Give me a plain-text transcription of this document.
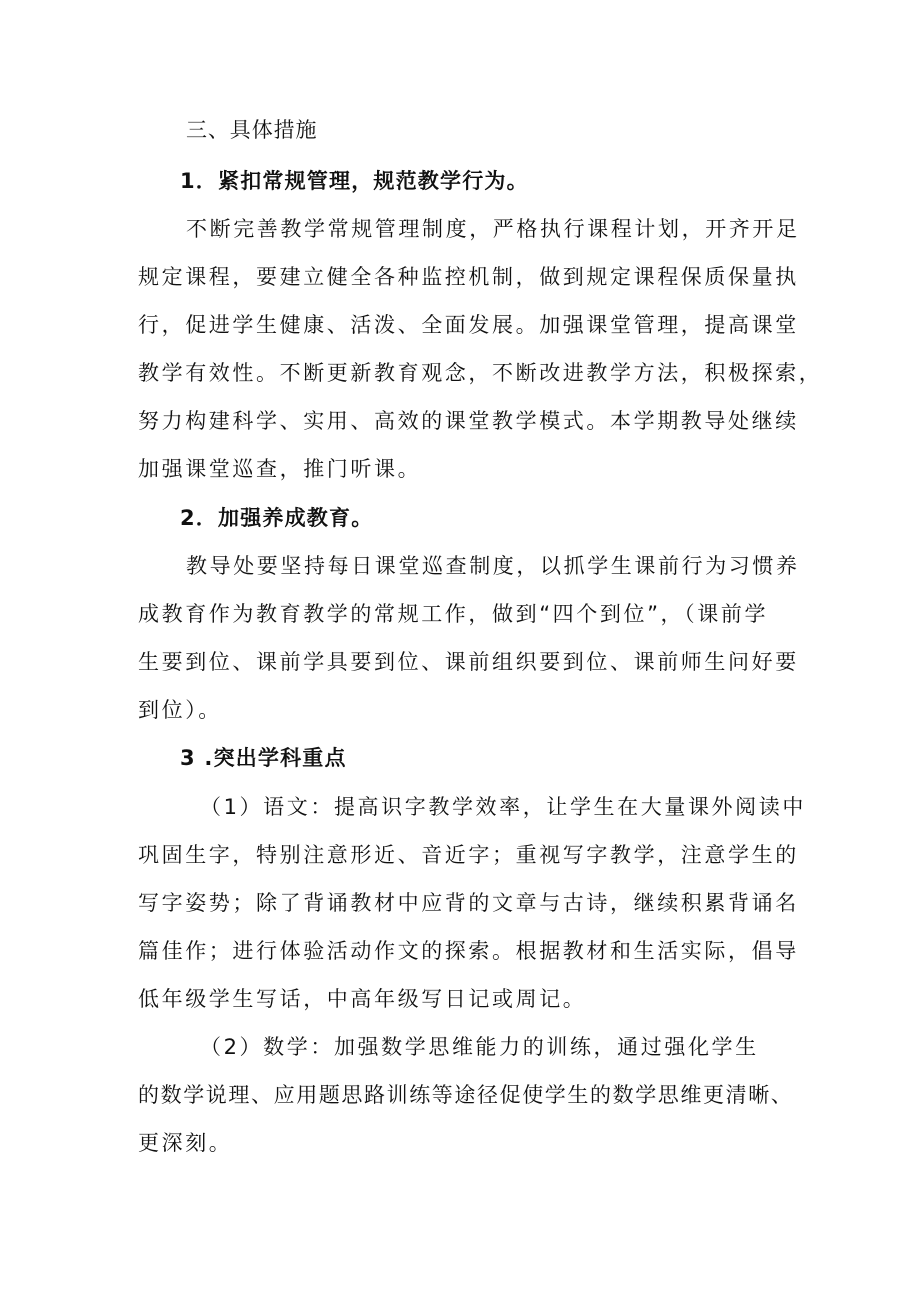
三、具体措施
1．紧扣常规管理，规范教学行为。
不断完善教学常规管理制度，严格执行课程计划，开齐开足
规定课程，要建立健全各种监控机制，做到规定课程保质保量执
行，促进学生健康、活泼、全面发展。加强课堂管理，提高课堂
教学有效性。不断更新教育观念，不断改进教学方法，积极探索，
努力构建科学、实用、高效的课堂教学模式。本学期教导处继续
加强课堂巡查，推门听课。
2．加强养成教育。
教导处要坚持每日课堂巡查制度，以抓学生课前行为习惯养
成教育作为教育教学的常规工作，做到“四个到位”，（课前学
生要到位、课前学具要到位、课前组织要到位、课前师生问好要
到位）。
3 .突出学科重点
（1）语文：提高识字教学效率，让学生在大量课外阅读中
巩固生字，特别注意形近、音近字；重视写字教学，注意学生的
写字姿势；除了背诵教材中应背的文章与古诗，继续积累背诵名
篇佳作；进行体验活动作文的探索。根据教材和生活实际，倡导
低年级学生写话，中高年级写日记或周记。
（2）数学：加强数学思维能力的训练，通过强化学生
的数学说理、应用题思路训练等途径促使学生的数学思维更清晰、
更深刻。
